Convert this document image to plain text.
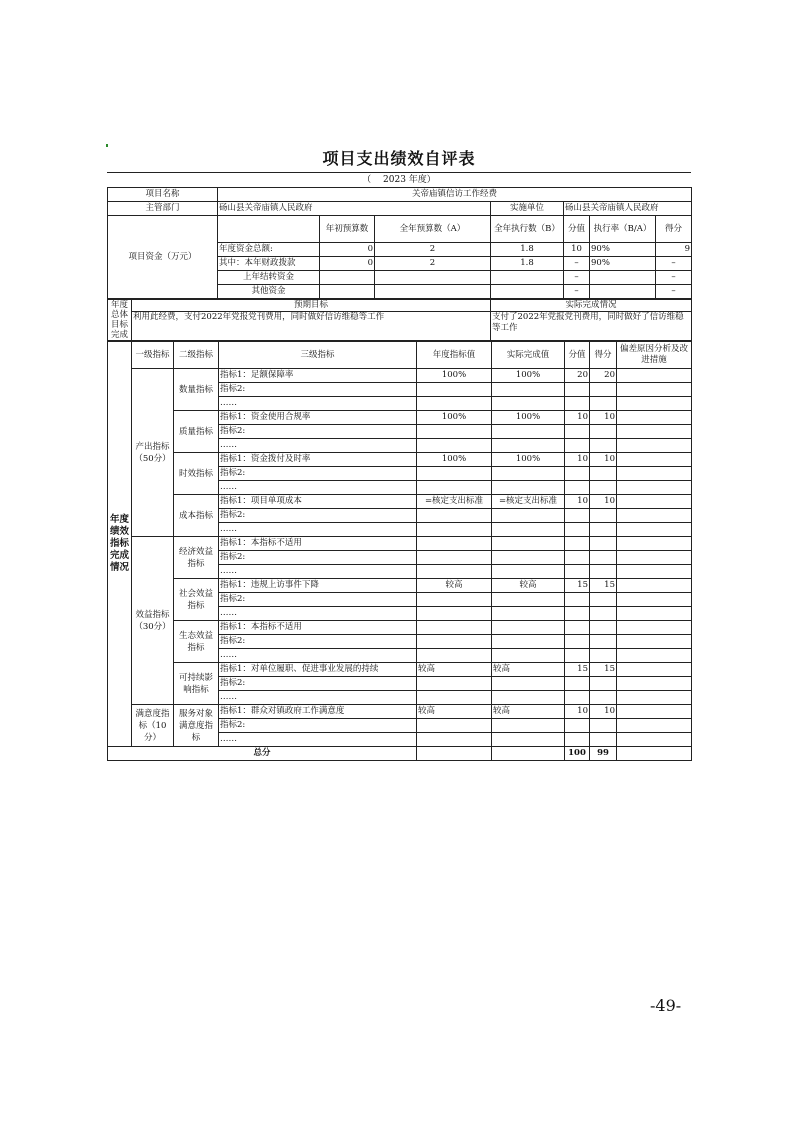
项目支出绩效自评表
（　 2023 年度）
项目名称	关帝庙镇信访工作经费						
主管部门	砀山县关帝庙镇人民政府			实施单位	砀山县关帝庙镇人民政府		
项目资金（万元）		年初预算数	全年预算数（A）	全年执行数（B）	分值	执行率（B/A）	得分
	年度资金总额:	0	2	1.8	10	90%	9
	其中：本年财政拨款	0	2	1.8	–	90%	–
	上年结转资金				–		–
	其他资金				–		–
年度总体目标完成	预期目标	实际完成情况
	利用此经费，支付2022年党报党刊费用，同时做好信访维稳等工作	支付了2022年党报党刊费用，同时做好了信访维稳等工作
年度绩效指标完成情况	一级指标	二级指标	三级指标	年度指标值	实际完成值	分值	得分	偏差原因分析及改进措施
	产出指标（50分）	数量指标	指标1：足额保障率	100%	100%	20	20	
			指标2:					
			……					
		质量指标	指标1：资金使用合规率	100%	100%	10	10	
			指标2:					
			……					
		时效指标	指标1：资金拨付及时率	100%	100%	10	10	
			指标2:					
			……					
		成本指标	指标1：项目单项成本	=核定支出标准	=核定支出标准	10	10	
			指标2:					
			……					
	效益指标（30分）	经济效益指标	指标1：本指标不适用					
			指标2:					
			……					
		社会效益指标	指标1：违规上访事件下降	较高	较高	15	15	
			指标2:					
			……					
		生态效益指标	指标1：本指标不适用					
			指标2:					
			……					
		可持续影响指标	指标1：对单位履职、促进事业发展的持续	较高	较高	15	15	
			指标2:					
			……					
	满意度指标（10分）	服务对象满意度指标	指标1：群众对镇政府工作满意度	较高	较高	10	10	
			指标2:					
			……					
总分						100	99	
-49-
